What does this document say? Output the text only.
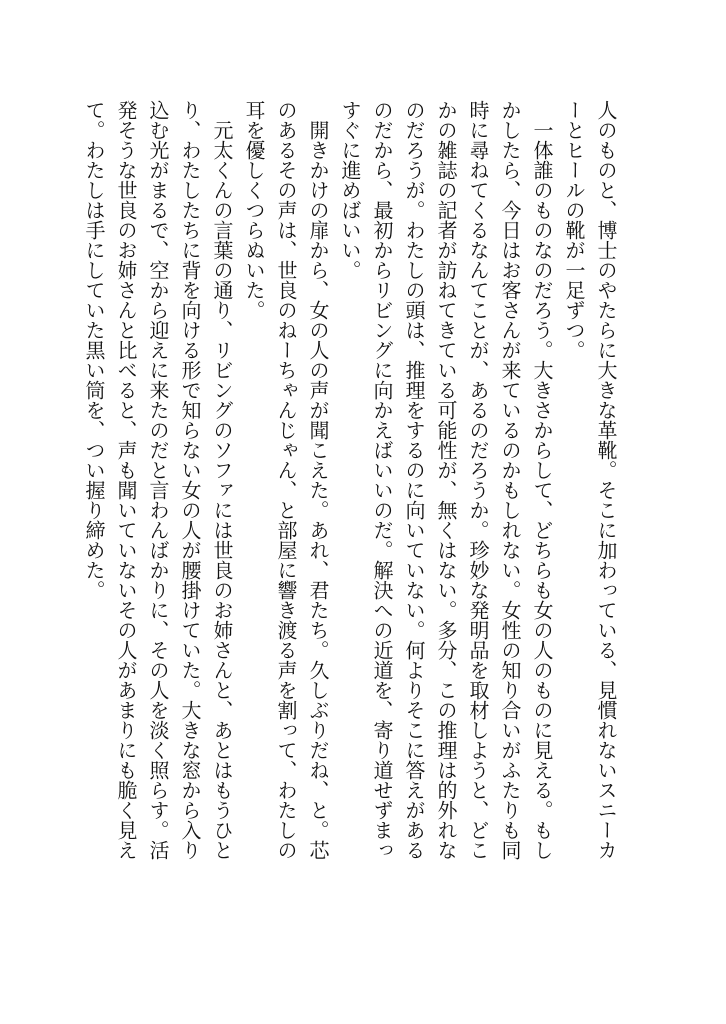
人のものと、博士のやたらに大きな革靴。そこに加わっている、見慣れないスニーカ
ーとヒールの靴が一足ずつ。
　一体誰のものなのだろう。大きさからして、どちらも女の人のものに見える。もし
かしたら、今日はお客さんが来ているのかもしれない。女性の知り合いがふたりも同
時に尋ねてくるなんてことが、あるのだろうか。珍妙な発明品を取材しようと、どこ
かの雑誌の記者が訪ねてきている可能性が、無くはない。多分、この推理は的外れな
のだろうが。わたしの頭は、推理をするのに向いていない。何よりそこに答えがある
のだから、最初からリビングに向かえばいいのだ。解決への近道を、寄り道せずまっ
すぐに進めばいい。
　開きかけの扉から、女の人の声が聞こえた。あれ、君たち。久しぶりだね、と。芯
のあるその声は、世良のねーちゃんじゃん、と部屋に響き渡る声を割って、わたしの
耳を優しくつらぬいた。
　元太くんの言葉の通り、リビングのソファには世良のお姉さんと、あとはもうひと
り、わたしたちに背を向ける形で知らない女の人が腰掛けていた。大きな窓から入り
込む光がまるで、空から迎えに来たのだと言わんばかりに、その人を淡く照らす。活
発そうな世良のお姉さんと比べると、声も聞いていないその人があまりにも脆く見え
て。わたしは手にしていた黒い筒を、つい握り締めた。
